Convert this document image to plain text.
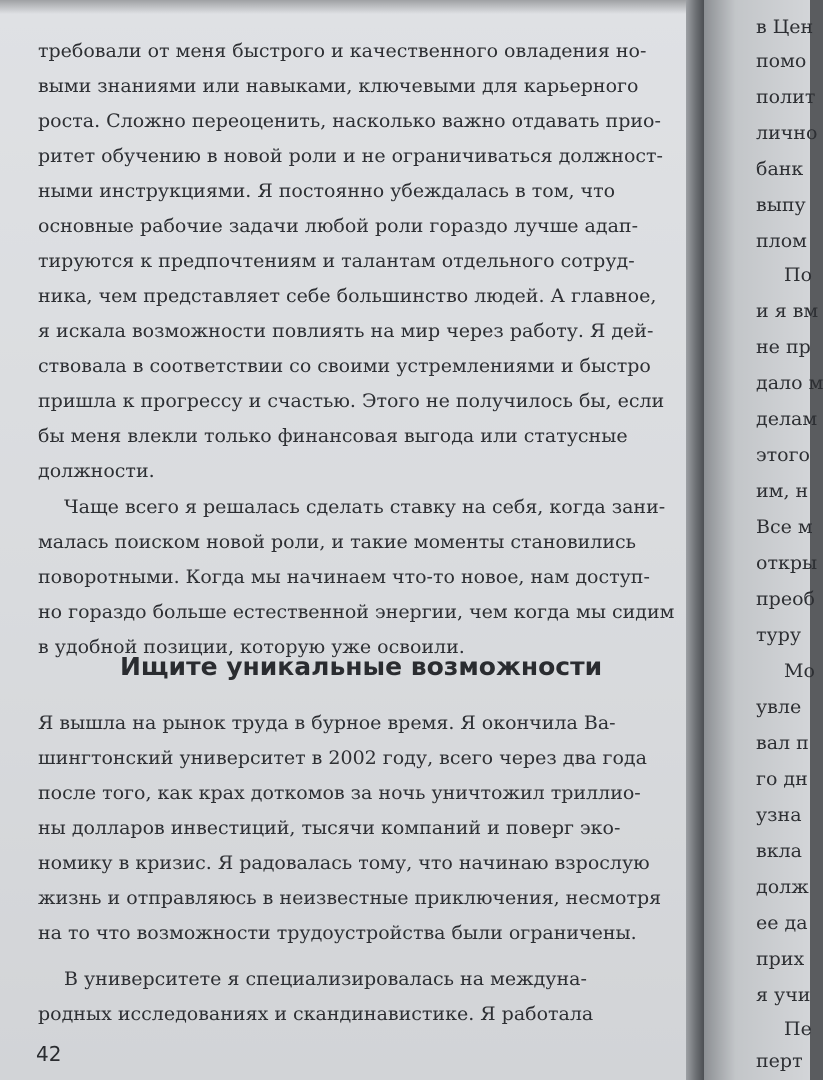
требовали от меня быстрого и качественного овладения но-
выми знаниями или навыками, ключевыми для карьерного
роста. Сложно переоценить, насколько важно отдавать прио-
ритет обучению в новой роли и не ограничиваться должност-
ными инструкциями. Я постоянно убеждалась в том, что
основные рабочие задачи любой роли гораздо лучше адап-
тируются к предпочтениям и талантам отдельного сотруд-
ника, чем представляет себе большинство людей. А главное,
я искала возможности повлиять на мир через работу. Я дей-
ствовала в соответствии со своими устремлениями и быстро
пришла к прогрессу и счастью. Этого не получилось бы, если
бы меня влекли только финансовая выгода или статусные
должности.

Чаще всего я решалась сделать ставку на себя, когда зани-
малась поиском новой роли, и такие моменты становились
поворотными. Когда мы начинаем что-то новое, нам доступ-
но гораздо больше естественной энергии, чем когда мы сидим
в удобной позиции, которую уже освоили.

Ищите уникальные возможности

Я вышла на рынок труда в бурное время. Я окончила Ва-
шингтонский университет в 2002 году, всего через два года
после того, как крах доткомов за ночь уничтожил триллио-
ны долларов инвестиций, тысячи компаний и поверг эко-
номику в кризис. Я радовалась тому, что начинаю взрослую
жизнь и отправляюсь в неизвестные приключения, несмотря
на то что возможности трудоустройства были ограничены.

В университете я специализировалась на междуна-
родных исследованиях и скандинавистике. Я работала

42
в Цен
помо
полит
лично
банк
выпу
плом
По
и я вм
не пр
дало м
делам
этого
им, н
Все м
откры
преоб
туру
Мо
увле
вал п
го дн
узна
вкла
долж
ее да
прих
я учи
Пе
перт
